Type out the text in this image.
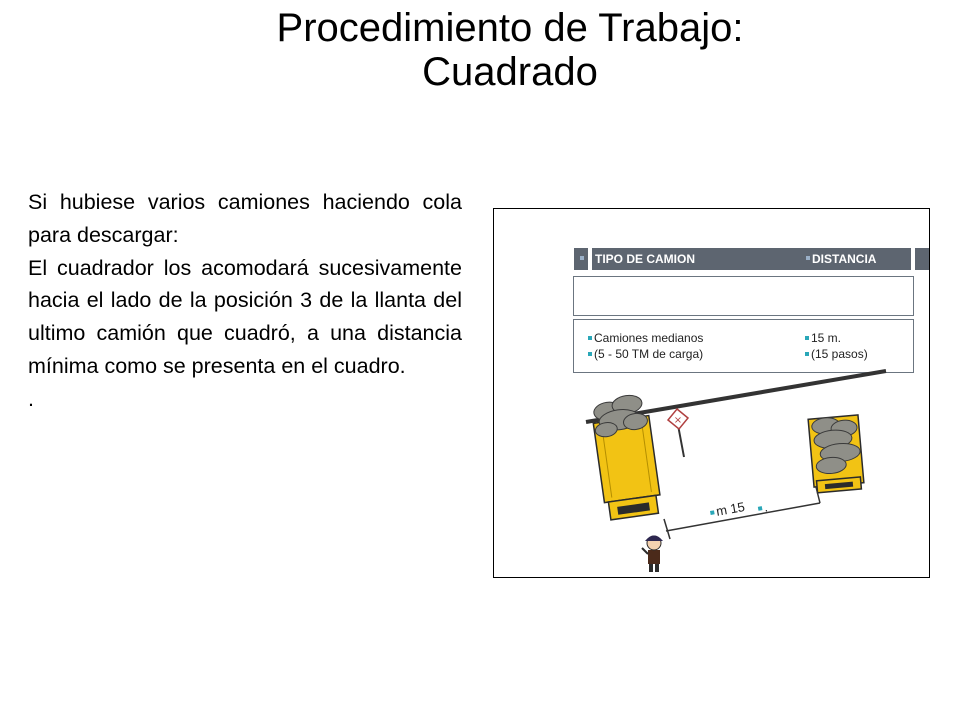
Procedimiento de Trabajo:
Cuadrado

Si hubiese varios camiones haciendo cola para descargar:

El cuadrador los acomodará sucesivamente hacia el lado de la posición 3 de la llanta del ultimo camión que cuadró, a una distancia mínima como se presenta en el cuadro.

.

TIPO DE CAMION	DISTANCIA
Camiones medianos
(5 - 50 TM de carga)
15 m.
(15 pasos)
×
m 15	.
